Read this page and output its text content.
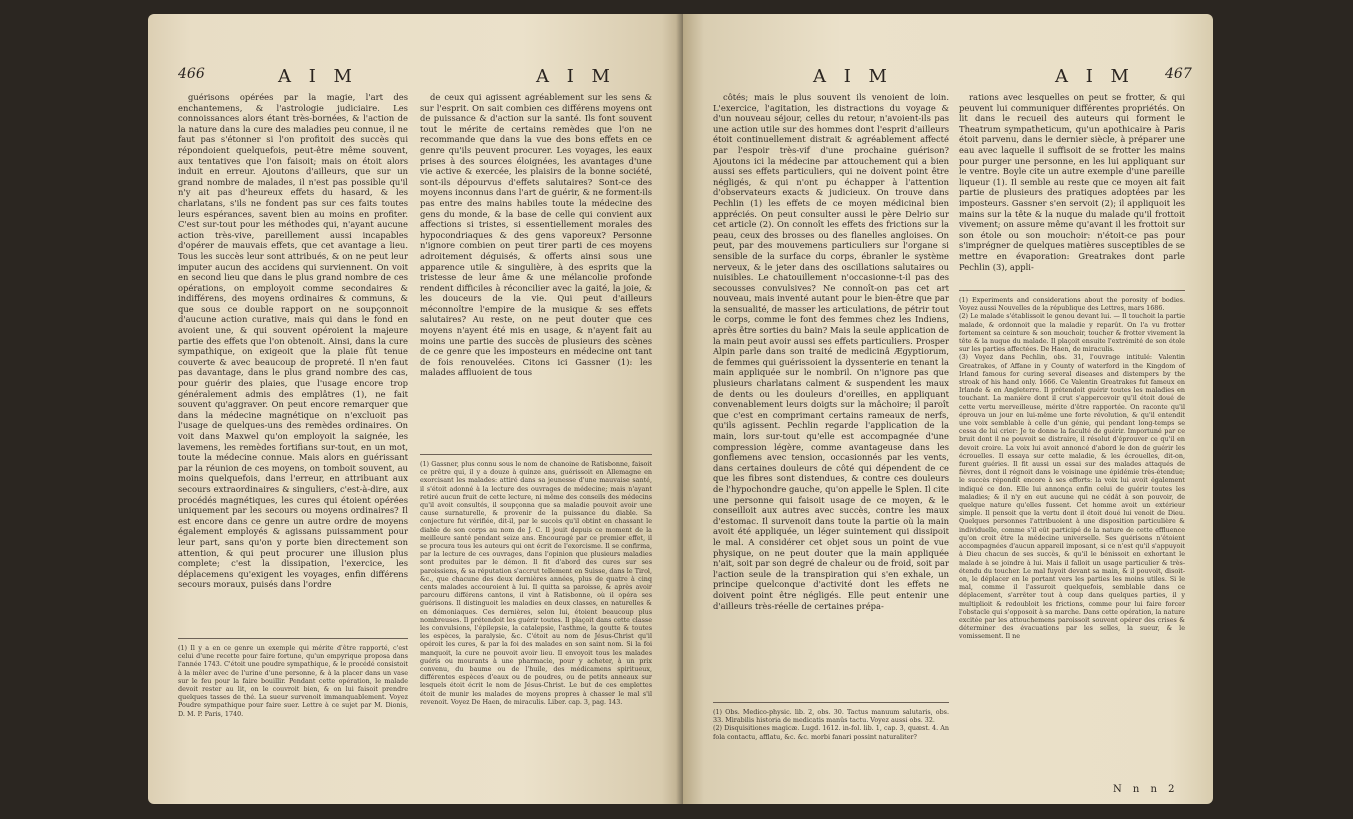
466	A I M	A I M

guérisons opérées par la magie, l'art des enchantemens, & l'astrologie judiciaire. Les connoissances alors étant très-bornées, & l'action de la nature dans la cure des maladies peu connue, il ne faut pas s'étonner si l'on profitoit des succès qui répondoient quelquefois, peut-être même souvent, aux tentatives que l'on faisoit; mais on étoit alors induit en erreur. Ajoutons d'ailleurs, que sur un grand nombre de malades, il n'est pas possible qu'il n'y ait pas d'heureux effets du hasard, & les charlatans, s'ils ne fondent pas sur ces faits toutes leurs espérances, savent bien au moins en profiter. C'est sur-tout pour les méthodes qui, n'ayant aucune action très-vive, pareillement aussi incapables d'opérer de mauvais effets, que cet avantage a lieu. Tous les succès leur sont attribués, & on ne peut leur imputer aucun des accidens qui surviennent. On voit en second lieu que dans le plus grand nombre de ces opérations, on employoit comme secondaires & indifférens, des moyens ordinaires & communs, & que sous ce double rapport on ne soupçonnoit d'aucune action curative, mais qui dans le fond en avoient une, & qui souvent opéroient la majeure partie des effets que l'on obtenoit. Ainsi, dans la cure sympathique, on exigeoit que la plaie fût tenue couverte & avec beaucoup de propreté. Il n'en faut pas davantage, dans le plus grand nombre des cas, pour guérir des plaies, que l'usage encore trop généralement admis des emplâtres (1), ne fait souvent qu'aggraver. On peut encore remarquer que dans la médecine magnétique on n'excluoit pas l'usage de quelques-uns des remèdes ordinaires. On voit dans Maxwel qu'on employoit la saignée, les lavemens, les remèdes fortifians sur-tout, en un mot, toute la médecine connue. Mais alors en guérissant par la réunion de ces moyens, on tomboit souvent, au moins quelquefois, dans l'erreur, en attribuant aux secours extraordinaires & singuliers, c'est-à-dire, aux procédés magnétiques, les cures qui étoient opérées uniquement par les secours ou moyens ordinaires? Il est encore dans ce genre un autre ordre de moyens également employés & agissans puissamment pour leur part, sans qu'on y porte bien directement son attention, & qui peut procurer une illusion plus complete; c'est la dissipation, l'exercice, les déplacemens qu'exigent les voyages, enfin différens secours moraux, puisés dans l'ordre

(1) Il y a en ce genre un exemple qui mérite d'être rapporté, c'est celui d'une recette pour faire fortune, qu'un empyrique proposa dans l'année 1743. C'étoit une poudre sympathique, & le procédé consistoit à la mêler avec de l'urine d'une personne, & à la placer dans un vase sur le feu pour la faire bouillir. Pendant cette opération, le malade devoit rester au lit, on le couvroit bien, & on lui faisoit prendre quelques tasses de thé. La sueur survenoit immanquablement. Voyez Poudre sympathique pour faire suer. Lettre à ce sujet par M. Dionis, D. M. P. Paris, 1740.

de ceux qui agissent agréablement sur les sens & sur l'esprit. On sait combien ces différens moyens ont de puissance & d'action sur la santé. Ils font souvent tout le mérite de certains remèdes que l'on ne recommande que dans la vue des bons effets en ce genre qu'ils peuvent procurer. Les voyages, les eaux prises à des sources éloignées, les avantages d'une vie active & exercée, les plaisirs de la bonne société, sont-ils dépourvus d'effets salutaires? Sont-ce des moyens inconnus dans l'art de guérir, & ne forment-ils pas entre des mains habiles toute la médecine des gens du monde, & la base de celle qui convient aux affections si tristes, si essentiellement morales des hypocondriaques & des gens vaporeux? Personne n'ignore combien on peut tirer parti de ces moyens adroitement déguisés, & offerts ainsi sous une apparence utile & singulière, à des esprits que la tristesse de leur âme & une mélancolie profonde rendent difficiles à réconcilier avec la gaité, la joie, & les douceurs de la vie. Qui peut d'ailleurs méconnoître l'empire de la musique & ses effets salutaires? Au reste, on ne peut douter que ces moyens n'ayent été mis en usage, & n'ayent fait au moins une partie des succès de plusieurs des scènes de ce genre que les imposteurs en médecine ont tant de fois renouvelées. Citons ici Gassner (1): les malades affluoient de tous

(1) Gassner, plus connu sous le nom de chanoine de Ratisbonne, faisoit ce prêtre qui, il y a douze à quinze ans, guérissoit en Allemagne en exorcisant les malades: attiré dans sa jeunesse d'une mauvaise santé, il s'étoit adonné à la lecture des ouvrages de médecine; mais n'ayant retiré aucun fruit de cette lecture, ni même des conseils des médecins qu'il avoit consultés, il soupçonna que sa maladie pouvoit avoir une cause surnaturelle, & provenir de la puissance du diable. Sa conjecture fut vérifiée, dit-il, par le succès qu'il obtint en chassant le diable de son corps au nom de J. C. Il jouit depuis ce moment de la meilleure santé pendant seize ans. Encouragé par ce premier effet, il se procura tous les auteurs qui ont écrit de l'exorcisme. Il se confirma, par la lecture de ces ouvrages, dans l'opinion que plusieurs maladies sont produites par le démon. Il fit d'abord des cures sur ses paroissiens, & sa réputation s'accrut tellement en Suisse, dans le Tirol, &c., que chacune des deux dernières années, plus de quatre à cinq cents malades accouroient à lui. Il quitta sa paroisse, & après avoir parcouru différens cantons, il vint à Ratisbonne, où il opéra ses guérisons. Il distinguoit les maladies en deux classes, en naturelles & en démoniaques. Ces dernières, selon lui, étoient beaucoup plus nombreuses. Il prétendoit les guérir toutes. Il plaçoit dans cette classe les convulsions, l'épilepsie, la catalepsie, l'asthme, la goutte & toutes les espèces, la paralysie, &c. C'étoit au nom de Jésus-Christ qu'il opéroit les cures, & par la foi des malades en son saint nom. Si la foi manquoit, la cure ne pouvoit avoir lieu. Il envoyoit tous les malades guéris ou mourants à une pharmacie, pour y acheter, à un prix convenu, du baume ou de l'huile, des médicamens spiritueux, différentes espèces d'eaux ou de poudres, ou de petits anneaux sur lesquels étoit écrit le nom de Jésus-Christ. Le but de ces emplettes étoit de munir les malades de moyens propres à chasser le mal s'il revenoit. Voyez De Haen, de miraculis. Liber. cap. 3, pag. 143.

A I M	A I M 467

côtés; mais le plus souvent ils venoient de loin. L'exercice, l'agitation, les distractions du voyage & d'un nouveau séjour, celles du retour, n'avoient-ils pas une action utile sur des hommes dont l'esprit d'ailleurs étoit continuellement distrait & agréablement affecté par l'espoir très-vif d'une prochaine guérison? Ajoutons ici la médecine par attouchement qui a bien aussi ses effets particuliers, qui ne doivent point être négligés, & qui n'ont pu échapper à l'attention d'observateurs exacts & judicieux. On trouve dans Pechlin (1) les effets de ce moyen médicinal bien appréciés. On peut consulter aussi le père Delrio sur cet article (2). On connoît les effets des frictions sur la peau, ceux des brosses ou des flanelles angloises. On peut, par des mouvemens particuliers sur l'organe si sensible de la surface du corps, ébranler le système nerveux, & le jeter dans des oscillations salutaires ou nuisibles. Le chatouillement n'occasionne-t-il pas des secousses convulsives? Ne connoît-on pas cet art nouveau, mais inventé autant pour le bien-être que par la sensualité, de masser les articulations, de pétrir tout le corps, comme le font des femmes chez les Indiens, après être sorties du bain? Mais la seule application de la main peut avoir aussi ses effets particuliers. Prosper Alpin parle dans son traité de medicinâ Ægyptiorum, de femmes qui guérissoient la dyssenterie en tenant la main appliquée sur le nombril. On n'ignore pas que plusieurs charlatans calment & suspendent les maux de dents ou les douleurs d'oreilles, en appliquant convenablement leurs doigts sur la mâchoire; il paroît que c'est en comprimant certains rameaux de nerfs, qu'ils agissent. Pechlin regarde l'application de la main, lors sur-tout qu'elle est accompagnée d'une compression légère, comme avantageuse dans les gonflemens avec tension, occasionnés par les vents, dans certaines douleurs de côté qui dépendent de ce que les fibres sont distendues, & contre ces douleurs de l'hypochondre gauche, qu'on appelle le Splen. Il cite une personne qui faisoit usage de ce moyen, & le conseilloit aux autres avec succès, contre les maux d'estomac. Il survenoit dans toute la partie où la main avoit été appliquée, un léger suintement qui dissipoit le mal. A considérer cet objet sous un point de vue physique, on ne peut douter que la main appliquée n'ait, soit par son degré de chaleur ou de froid, soit par l'action seule de la transpiration qui s'en exhale, un principe quelconque d'activité dont les effets ne doivent point être négligés. Elle peut entenir une d'ailleurs très-réelle de certaines prépa-

(1) Obs. Medico-physic. lib. 2, obs. 30. Tactus manuum salutaris, obs. 33. Mirabilis historia de medicatis manûs tactu. Voyez aussi obs. 32.
(2) Disquisitiones magicæ. Lugd. 1612. in-fol. lib. 1, cap. 3, quæst. 4. An fola contactu, afflatu, &c. &c. morbi fanari possint naturaliter?

rations avec lesquelles on peut se frotter, & qui peuvent lui communiquer différentes propriétés. On lit dans le recueil des auteurs qui forment le Theatrum sympatheticum, qu'un apothicaire à Paris étoit parvenu, dans le dernier siècle, à préparer une eau avec laquelle il suffisoit de se frotter les mains pour purger une personne, en les lui appliquant sur le ventre. Boyle cite un autre exemple d'une pareille liqueur (1). Il semble au reste que ce moyen ait fait partie de plusieurs des pratiques adoptées par les imposteurs. Gassner s'en servoit (2); il appliquoit les mains sur la tête & la nuque du malade qu'il frottoit vivement; on assure même qu'avant il les frottoit sur son étole ou son mouchoir: n'étoit-ce pas pour s'imprégner de quelques matières susceptibles de se mettre en évaporation: Greatrakes dont parle Pechlin (3), appli-

(1) Experiments and considerations about the porosity of bodies. Voyez aussi Nouvelles de la république des Lettres, mars 1686.
(2) Le malade s'établissoit le genou devant lui. — Il touchoit la partie malade, & ordonnoit que la maladie y reparût. On l'a vu frotter fortement sa ceinture & son mouchoir, toucher & frotter vivement la tête & la nuque du malade. Il plaçoit ensuite l'extrémité de son étole sur les parties affectées. De Haen, de miraculis.
(3) Voyez dans Pechlin, obs. 31, l'ouvrage intitulé: Valentin Greatrakes, of Affane in y County of waterford in the Kingdom of Irland famous for curing several diseases and distempers by the stroak of his hand only. 1666. Ce Valentin Greatrakes fut fameux en Irlande & en Angleterre. Il prétendoit guérir toutes les maladies en touchant. La manière dont il crut s'appercevoir qu'il étoit doué de cette vertu merveilleuse, mérite d'être rapportée. On raconte qu'il éprouva un jour en lui-même une forte révolution, & qu'il entendit une voix semblable à celle d'un génie, qui pendant long-temps se cessa de lui crier: Je te donne la faculté de guérir. Importuné par ce bruit dont il ne pouvoit se distraire, il résolut d'éprouver ce qu'il en devoit croire. La voix lui avoit annoncé d'abord le don de guérir les écrouelles. Il essaya sur cette maladie, & les écrouelles, dit-on, furent guéries. Il fit aussi un essai sur des malades attaqués de fièvres, dont il régnoit dans le voisinage une épidémie très-étendue; le succès répondit encore à ses efforts: la voix lui avoit également indiqué ce don. Elle lui annonça enfin celui de guérir toutes les maladies; & il n'y en eut aucune qui ne cédât à son pouvoir, de quelque nature qu'elles fussent. Cet homme avoit un extérieur simple. Il pensoit que la vertu dont il étoit doué lui venoit de Dieu. Quelques personnes l'attribuoient à une disposition particulière & individuelle, comme s'il eût participé de la nature de cette effluence qu'on croit être la médecine universelle. Ses guérisons n'étoient accompagnées d'aucun appareil imposant, si ce n'est qu'il s'appuyoit à Dieu chacun de ses succès, & qu'il le bénissoit en exhortant le malade à se joindre à lui. Mais il falloit un usage particulier & très-étendu du toucher. Le mal fuyoit devant sa main, & il pouvoit, disoit-on, le déplacer en le portant vers les parties les moins utiles. Si le mal, comme il l'assuroit quelquefois, semblable dans ce déplacement, s'arrêter tout à coup dans quelques parties, il y multiplioit & redoubloit les frictions, comme pour lui faire forcer l'obstacle qui s'opposoit à sa marche. Dans cette opération, la nature excitée par les attouchemens paroissoit souvent opérer des crises & déterminer des évacuations par les selles, la sueur, & le vomissement. Il ne

N n n 2
